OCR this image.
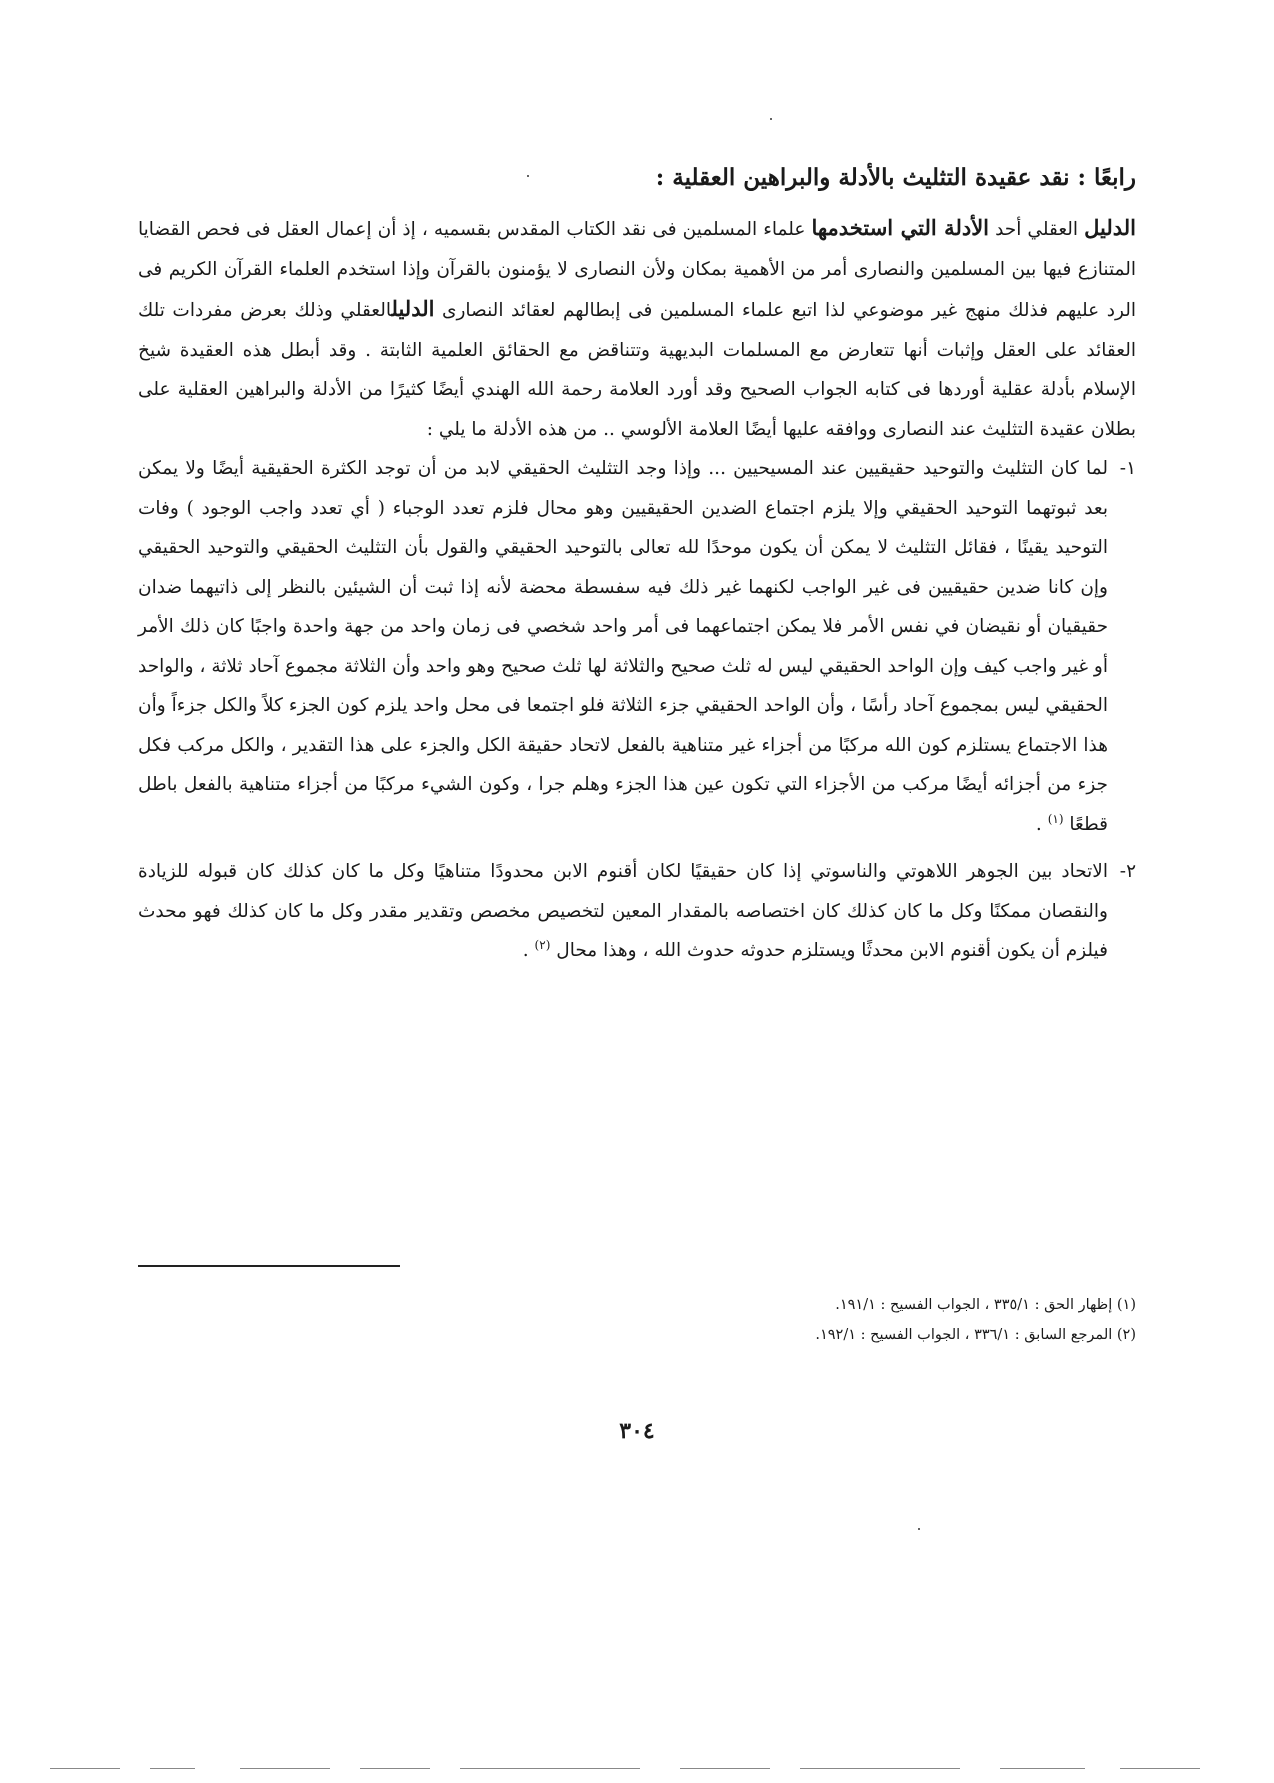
رابعًا : نقد عقيدة التثليث بالأدلة والبراهين العقلية :

الدليل العقلي أحد الأدلة التي استخدمها علماء المسلمين فى نقد الكتاب المقدس بقسميه ، إذ أن إعمال العقل فى فحص القضايا المتنازع فيها بين المسلمين والنصارى أمر من الأهمية بمكان ولأن النصارى لا يؤمنون بالقرآن وإذا استخدم العلماء القرآن الكريم فى الرد عليهم فذلك منهج غير موضوعي لذا اتبع علماء المسلمين فى إبطالهم لعقائد النصارى الدليلالعقلي وذلك بعرض مفردات تلك العقائد على العقل وإثبات أنها تتعارض مع المسلمات البديهية وتتناقض مع الحقائق العلمية الثابتة . وقد أبطل هذه العقيدة شيخ الإسلام بأدلة عقلية أوردها فى كتابه الجواب الصحيح وقد أورد العلامة رحمة الله الهندي أيضًا كثيرًا من الأدلة والبراهين العقلية على بطلان عقيدة التثليث عند النصارى ووافقه عليها أيضًا العلامة الألوسي .. من هذه الأدلة ما يلي :

١-
لما كان التثليث والتوحيد حقيقيين عند المسيحيين ... وإذا وجد التثليث الحقيقي لابد من أن توجد الكثرة الحقيقية أيضًا ولا يمكن بعد ثبوتهما التوحيد الحقيقي وإلا يلزم اجتماع الضدين الحقيقيين وهو محال فلزم تعدد الوجباء ( أي تعدد واجب الوجود ) وفات التوحيد يقينًا ، فقائل التثليث لا يمكن أن يكون موحدًا لله تعالى بالتوحيد الحقيقي والقول بأن التثليث الحقيقي والتوحيد الحقيقي وإن كانا ضدين حقيقيين فى غير الواجب لكنهما غير ذلك فيه سفسطة محضة لأنه إذا ثبت أن الشيئين بالنظر إلى ذاتيهما ضدان حقيقيان أو نقيضان في نفس الأمر فلا يمكن اجتماعهما فى أمر واحد شخصي فى زمان واحد من جهة واحدة واجبًا كان ذلك الأمر أو غير واجب كيف وإن الواحد الحقيقي ليس له ثلث صحيح والثلاثة لها ثلث صحيح وهو واحد وأن الثلاثة مجموع آحاد ثلاثة ، والواحد الحقيقي ليس بمجموع آحاد رأسًا ، وأن الواحد الحقيقي جزء الثلاثة فلو اجتمعا فى محل واحد يلزم كون الجزء كلاً والكل جزءاً وأن هذا الاجتماع يستلزم كون الله مركبًا من أجزاء غير متناهية بالفعل لاتحاد حقيقة الكل والجزء على هذا التقدير ، والكل مركب فكل جزء من أجزائه أيضًا مركب من الأجزاء التي تكون عين هذا الجزء وهلم جرا ، وكون الشيء مركبًا من أجزاء متناهية بالفعل باطل قطعًا $^{(١)}$ .
٢-
الاتحاد بين الجوهر اللاهوتي والناسوتي إذا كان حقيقيًا لكان أقنوم الابن محدودًا متناهيًا وكل ما كان كذلك كان قبوله للزيادة والنقصان ممكنًا وكل ما كان كذلك كان اختصاصه بالمقدار المعين لتخصيص مخصص وتقدير مقدر وكل ما كان كذلك فهو محدث فيلزم أن يكون أقنوم الابن محدثًا ويستلزم حدوثه حدوث الله ، وهذا محال $^{(٢)}$ .

(١) إظهار الحق : ٣٣٥/١ ، الجواب الفسيح : ١٩١/١.

(٢) المرجع السابق : ٣٣٦/١ ، الجواب الفسيح : ١٩٢/١.

٣٠٤
